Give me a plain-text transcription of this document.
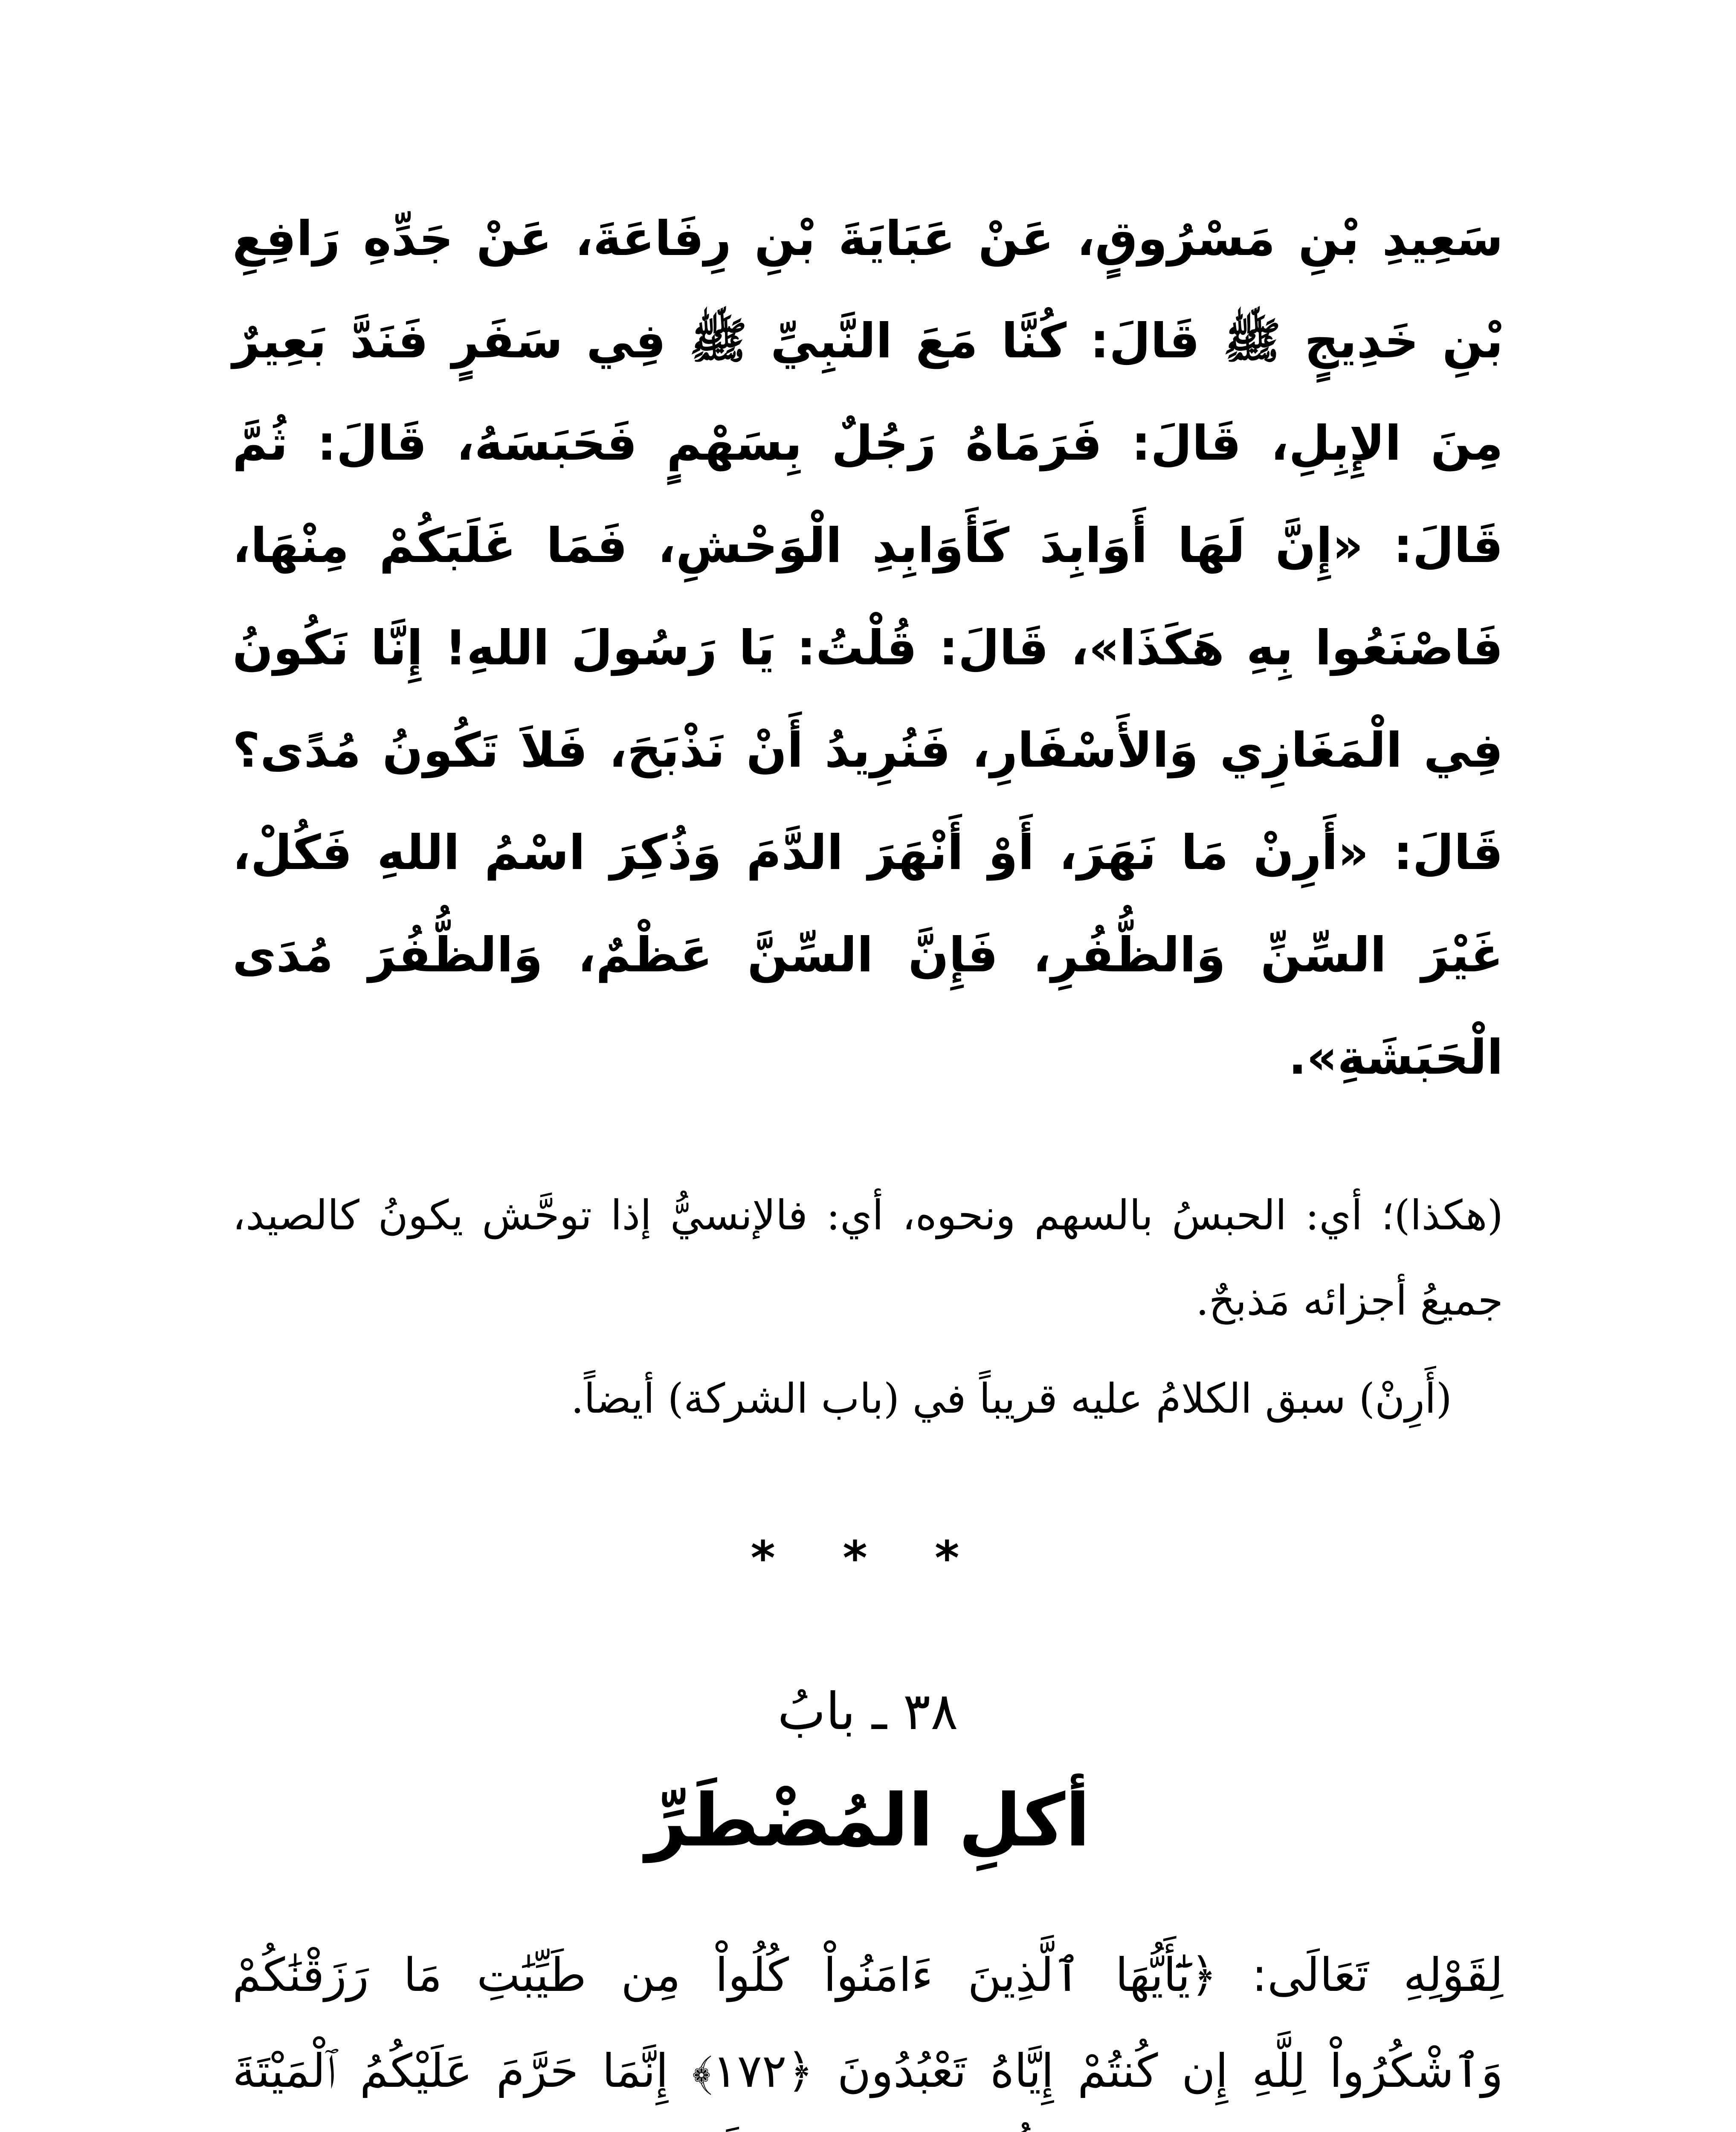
سَعِيدِ بْنِ مَسْرُوقٍ، عَنْ عَبَايَةَ بْنِ رِفَاعَةَ، عَنْ جَدِّهِ رَافِعِ بْنِ خَدِيجٍ ﷺ قَالَ: كُنَّا مَعَ النَّبِيِّ ﷺ فِي سَفَرٍ فَنَدَّ بَعِيرٌ مِنَ الإِبِلِ، قَالَ: فَرَمَاهُ رَجُلٌ بِسَهْمٍ فَحَبَسَهُ، قَالَ: ثُمَّ قَالَ: «إِنَّ لَهَا أَوَابِدَ كَأَوَابِدِ الْوَحْشِ، فَمَا غَلَبَكُمْ مِنْهَا، فَاصْنَعُوا بِهِ هَكَذَا»، قَالَ: قُلْتُ: يَا رَسُولَ اللهِ! إِنَّا نَكُونُ فِي الْمَغَازِي وَالأَسْفَارِ، فَنُرِيدُ أَنْ نَذْبَحَ، فَلاَ تَكُونُ مُدًى؟ قَالَ: «أَرِنْ مَا نَهَرَ، أَوْ أَنْهَرَ الدَّمَ وَذُكِرَ اسْمُ اللهِ فَكُلْ، غَيْرَ السِّنِّ وَالظُّفُرِ، فَإِنَّ السِّنَّ عَظْمٌ، وَالظُّفُرَ مُدَى الْحَبَشَةِ».

(هكذا)؛ أي: الحبسُ بالسهم ونحوه، أي: فالإنسيُّ إذا توحَّش يكونُ كالصيد، جميعُ أجزائه مَذبحٌ.

(أَرِنْ) سبق الكلامُ عليه قريباً في (باب الشركة) أيضاً.

* * *
٣٨ ـ بابُ
أكلِ المُضْطَرِّ
لِقَوْلِهِ تَعَالَى: ﴿يَٰٓأَيُّهَا ٱلَّذِينَ ءَامَنُواْ كُلُواْ مِن طَيِّبَٰتِ مَا رَزَقْنَٰكُمْ وَٱشْكُرُواْ لِلَّهِ إِن كُنتُمْ إِيَّاهُ تَعْبُدُونَ ﴿١٧٢﴾ إِنَّمَا حَرَّمَ عَلَيْكُمُ ٱلْمَيْتَةَ
